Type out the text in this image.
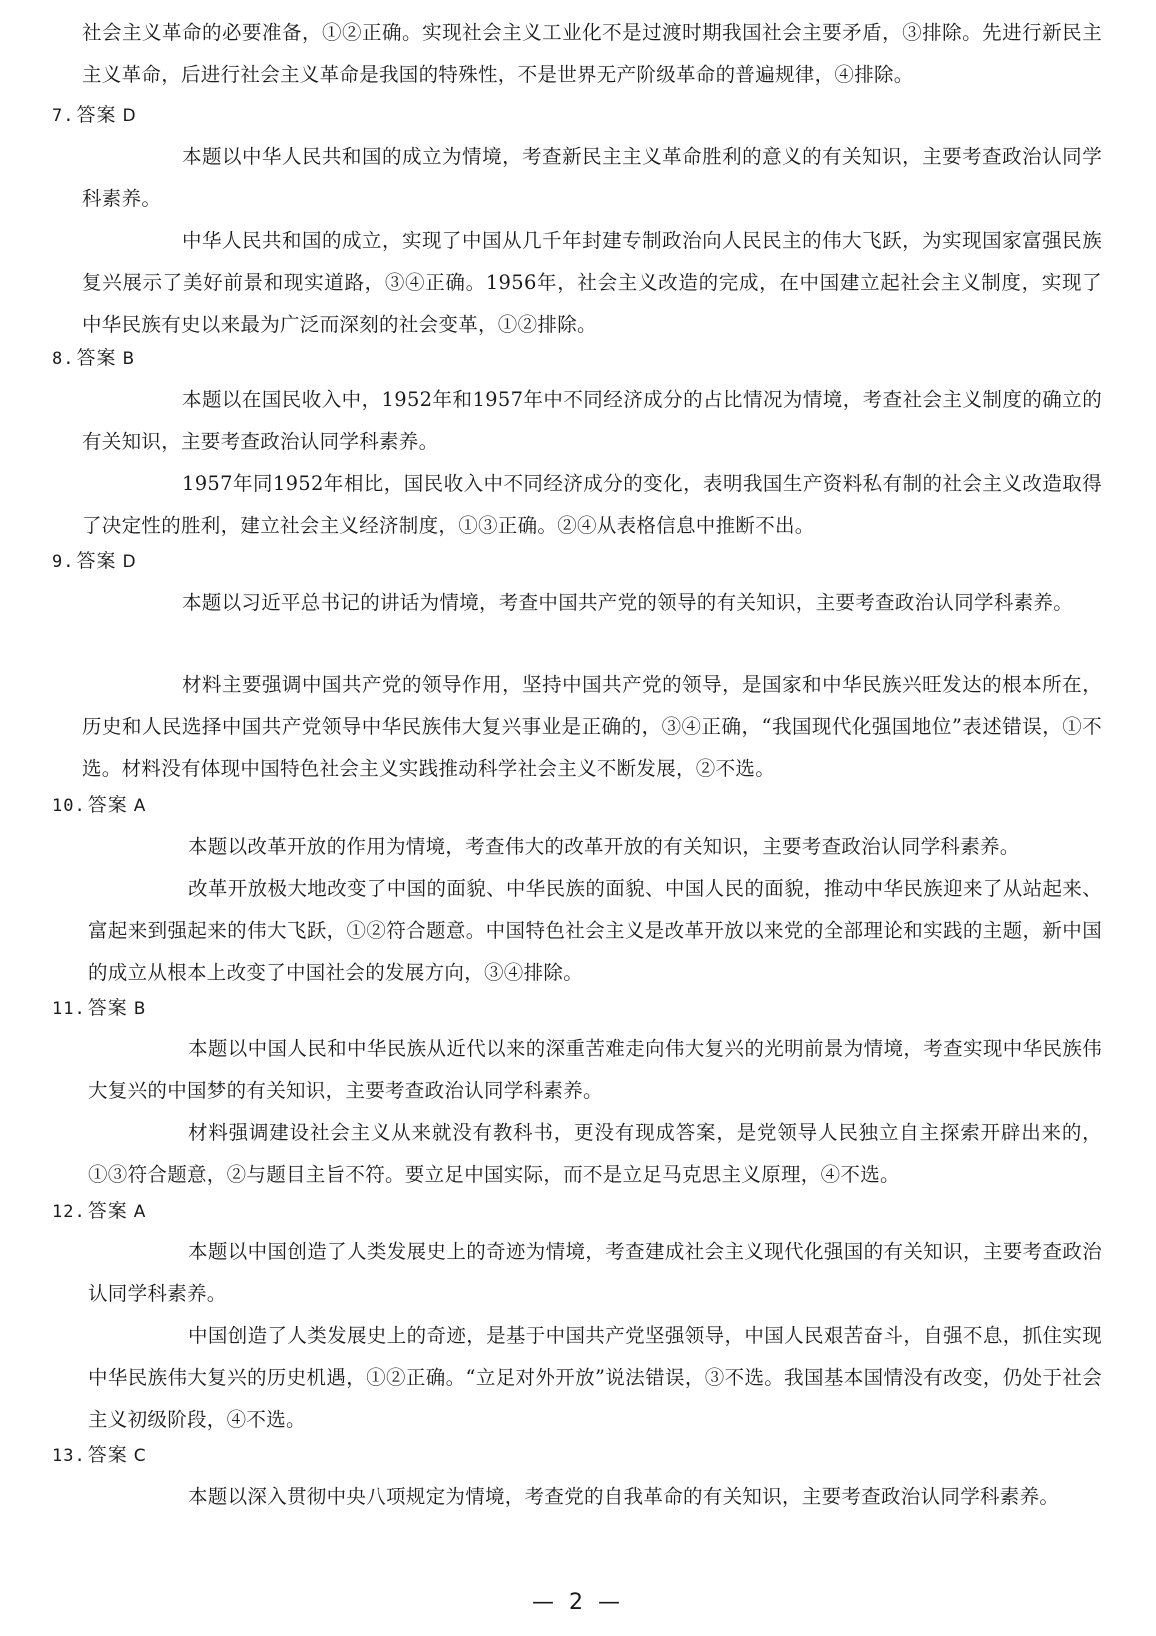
社会主义革命的必要准备，①②正确。实现社会主义工业化不是过渡时期我国社会主要矛盾，③排除。先进行新民主主义革命，后进行社会主义革命是我国的特殊性，不是世界无产阶级革命的普遍规律，④排除。

7. 答案 D

本题以中华人民共和国的成立为情境，考查新民主主义革命胜利的意义的有关知识，主要考查政治认同学科素养。

中华人民共和国的成立，实现了中国从几千年封建专制政治向人民民主的伟大飞跃，为实现国家富强民族复兴展示了美好前景和现实道路，③④正确。1956年，社会主义改造的完成，在中国建立起社会主义制度，实现了中华民族有史以来最为广泛而深刻的社会变革，①②排除。

8. 答案 B

本题以在国民收入中，1952年和1957年中不同经济成分的占比情况为情境，考查社会主义制度的确立的有关知识，主要考查政治认同学科素养。

1957年同1952年相比，国民收入中不同经济成分的变化，表明我国生产资料私有制的社会主义改造取得了决定性的胜利，建立社会主义经济制度，①③正确。②④从表格信息中推断不出。

9. 答案 D

本题以习近平总书记的讲话为情境，考查中国共产党的领导的有关知识，主要考查政治认同学科素养。

材料主要强调中国共产党的领导作用，坚持中国共产党的领导，是国家和中华民族兴旺发达的根本所在，历史和人民选择中国共产党领导中华民族伟大复兴事业是正确的，③④正确，“我国现代化强国地位”表述错误，①不选。材料没有体现中国特色社会主义实践推动科学社会主义不断发展，②不选。

10. 答案 A

本题以改革开放的作用为情境，考查伟大的改革开放的有关知识，主要考查政治认同学科素养。

改革开放极大地改变了中国的面貌、中华民族的面貌、中国人民的面貌，推动中华民族迎来了从站起来、富起来到强起来的伟大飞跃，①②符合题意。中国特色社会主义是改革开放以来党的全部理论和实践的主题，新中国的成立从根本上改变了中国社会的发展方向，③④排除。

11. 答案 B

本题以中国人民和中华民族从近代以来的深重苦难走向伟大复兴的光明前景为情境，考查实现中华民族伟大复兴的中国梦的有关知识，主要考查政治认同学科素养。

材料强调建设社会主义从来就没有教科书，更没有现成答案，是党领导人民独立自主探索开辟出来的，①③符合题意，②与题目主旨不符。要立足中国实际，而不是立足马克思主义原理，④不选。

12. 答案 A

本题以中国创造了人类发展史上的奇迹为情境，考查建成社会主义现代化强国的有关知识，主要考查政治认同学科素养。

中国创造了人类发展史上的奇迹，是基于中国共产党坚强领导，中国人民艰苦奋斗，自强不息，抓住实现中华民族伟大复兴的历史机遇，①②正确。“立足对外开放”说法错误，③不选。我国基本国情没有改变，仍处于社会主义初级阶段，④不选。

13. 答案 C

本题以深入贯彻中央八项规定为情境，考查党的自我革命的有关知识，主要考查政治认同学科素养。

— 2 —
